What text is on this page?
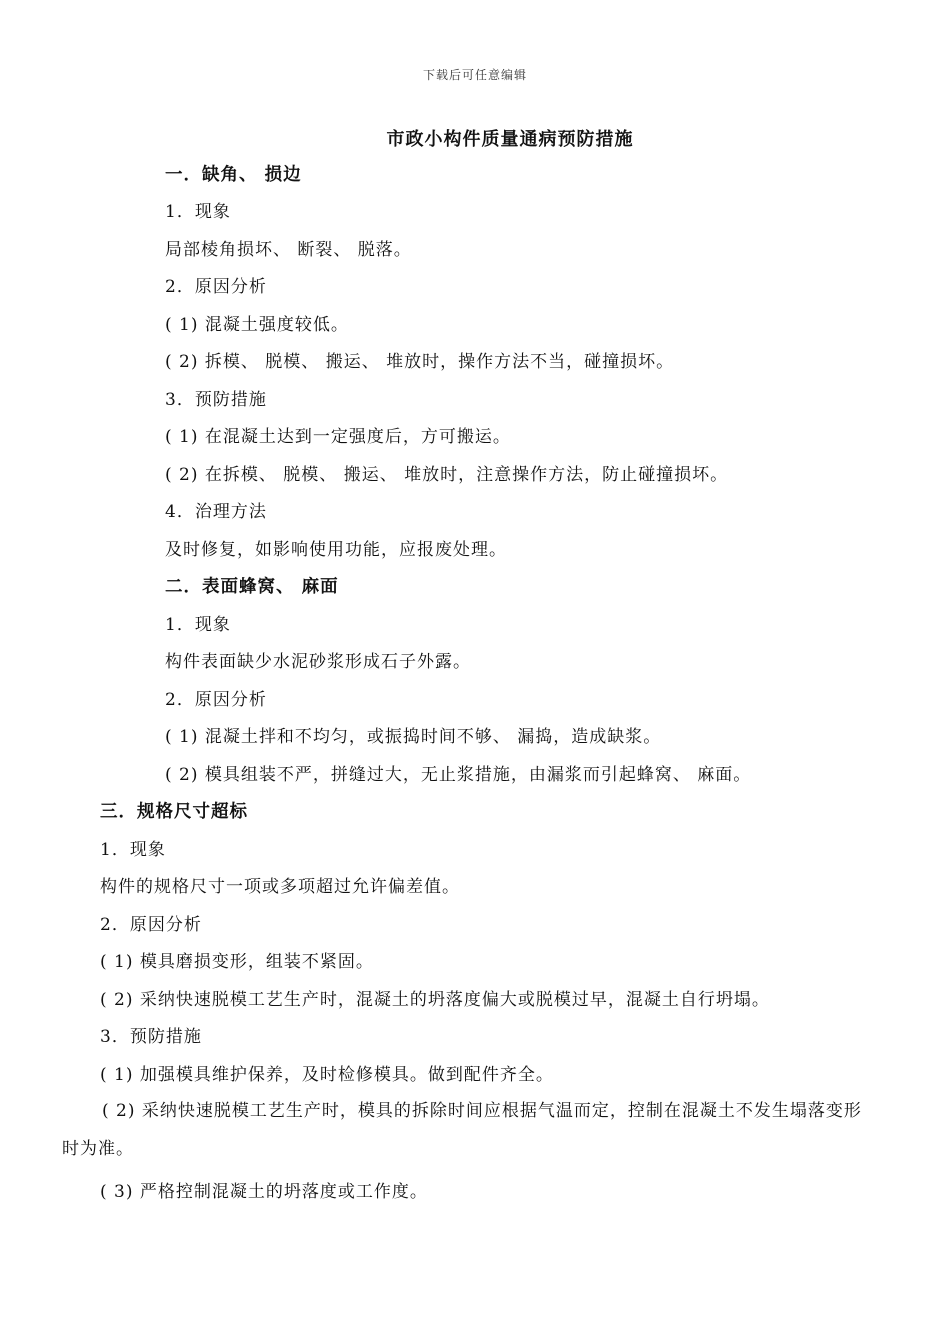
下载后可任意编辑
市政小构件质量通病预防措施
一．缺角、 损边
1．现象
局部棱角损坏、 断裂、 脱落。
2．原因分析
( 1) 混凝土强度较低。
( 2) 拆模、 脱模、 搬运、 堆放时，操作方法不当，碰撞损坏。
3．预防措施
( 1) 在混凝土达到一定强度后，方可搬运。
( 2) 在拆模、 脱模、 搬运、 堆放时，注意操作方法，防止碰撞损坏。
4．治理方法
及时修复，如影响使用功能，应报废处理。
二．表面蜂窝、 麻面
1．现象
构件表面缺少水泥砂浆形成石子外露。
2．原因分析
( 1) 混凝土拌和不均匀，或振捣时间不够、 漏捣，造成缺浆。
( 2) 模具组装不严，拼缝过大，无止浆措施，由漏浆而引起蜂窝、 麻面。
三．规格尺寸超标
1．现象
构件的规格尺寸一项或多项超过允许偏差值。
2．原因分析
( 1) 模具磨损变形，组装不紧固。
( 2) 采纳快速脱模工艺生产时，混凝土的坍落度偏大或脱模过早，混凝土自行坍塌。
3．预防措施
( 1) 加强模具维护保养，及时检修模具。做到配件齐全。
( 2) 采纳快速脱模工艺生产时，模具的拆除时间应根据气温而定，控制在混凝土不发生塌落变形时为准。
( 3) 严格控制混凝土的坍落度或工作度。
